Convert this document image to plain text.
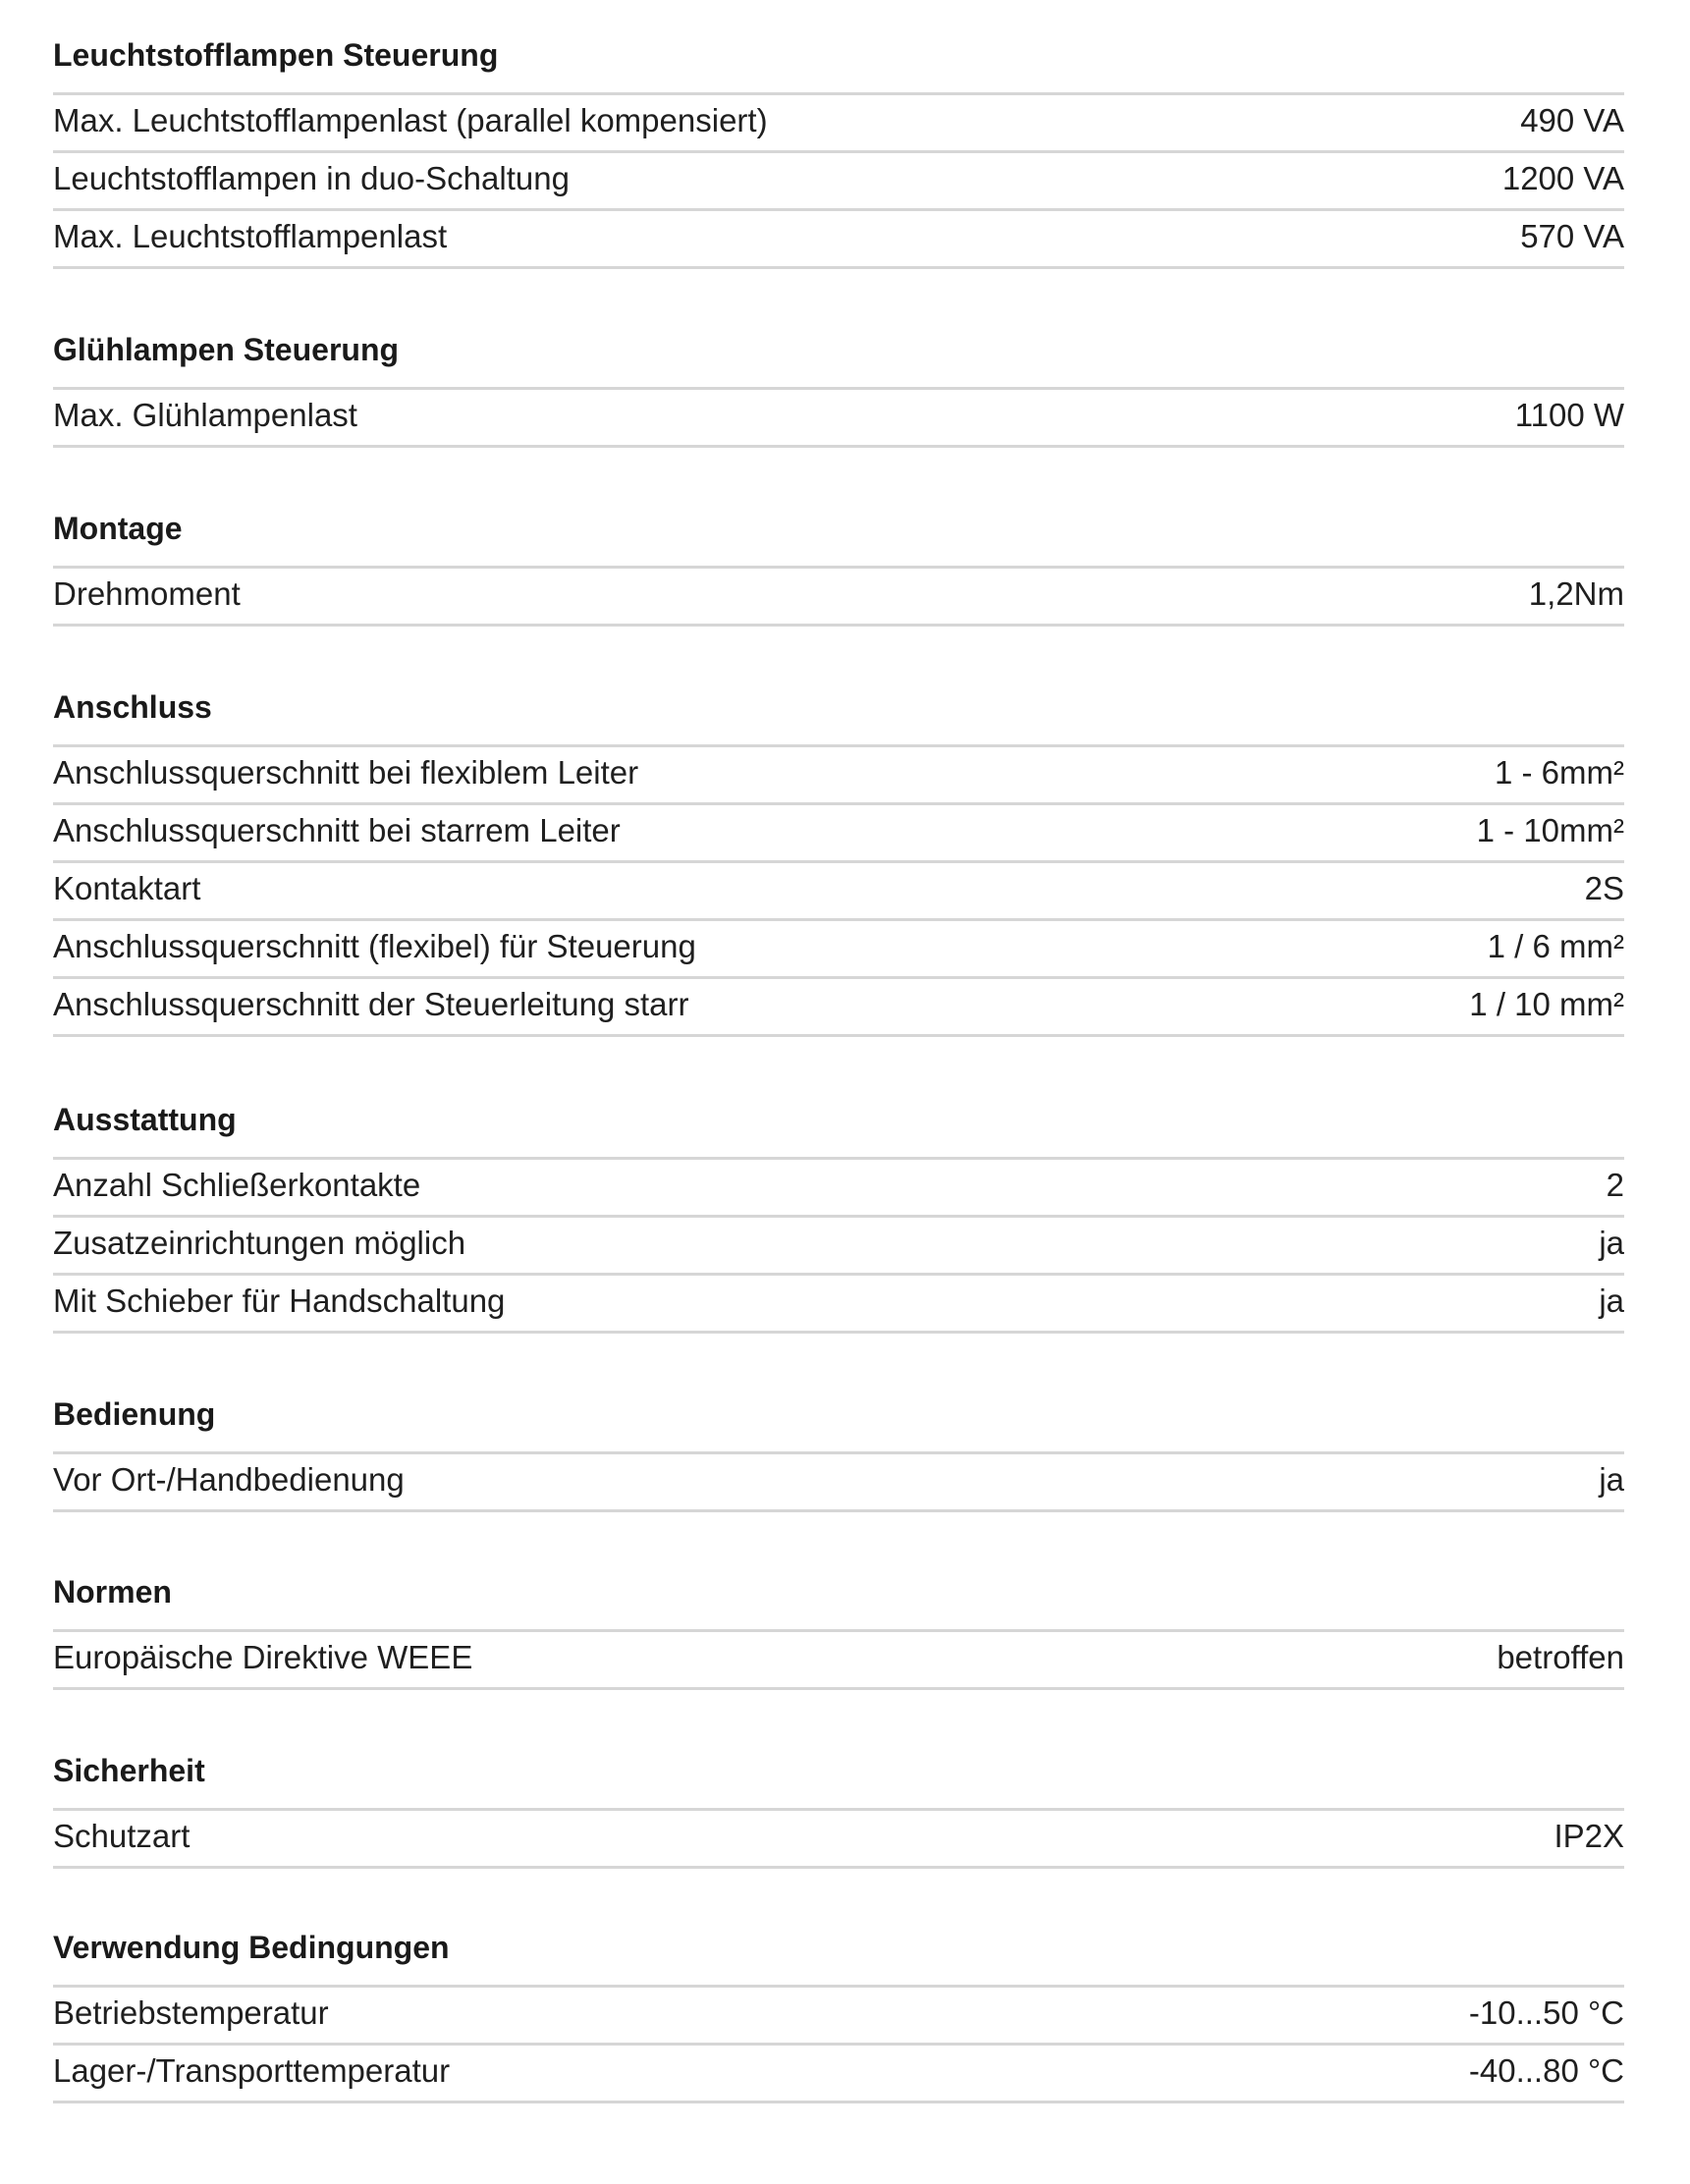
Leuchtstofflampen Steuerung
Max. Leuchtstofflampenlast (parallel kompensiert)	490 VA
Leuchtstofflampen in duo-Schaltung	1200 VA
Max. Leuchtstofflampenlast	570 VA
Glühlampen Steuerung
Max. Glühlampenlast	1100 W
Montage
Drehmoment	1,2Nm
Anschluss
Anschlussquerschnitt bei flexiblem Leiter	1 - 6mm²
Anschlussquerschnitt bei starrem Leiter	1 - 10mm²
Kontaktart	2S
Anschlussquerschnitt (flexibel) für Steuerung	1 / 6 mm²
Anschlussquerschnitt der Steuerleitung starr	1 / 10 mm²
Ausstattung
Anzahl Schließerkontakte	2
Zusatzeinrichtungen möglich	ja
Mit Schieber für Handschaltung	ja
Bedienung
Vor Ort-/Handbedienung	ja
Normen
Europäische Direktive WEEE	betroffen
Sicherheit
Schutzart	IP2X
Verwendung Bedingungen
Betriebstemperatur	-10...50 °C
Lager-/Transporttemperatur	-40...80 °C
